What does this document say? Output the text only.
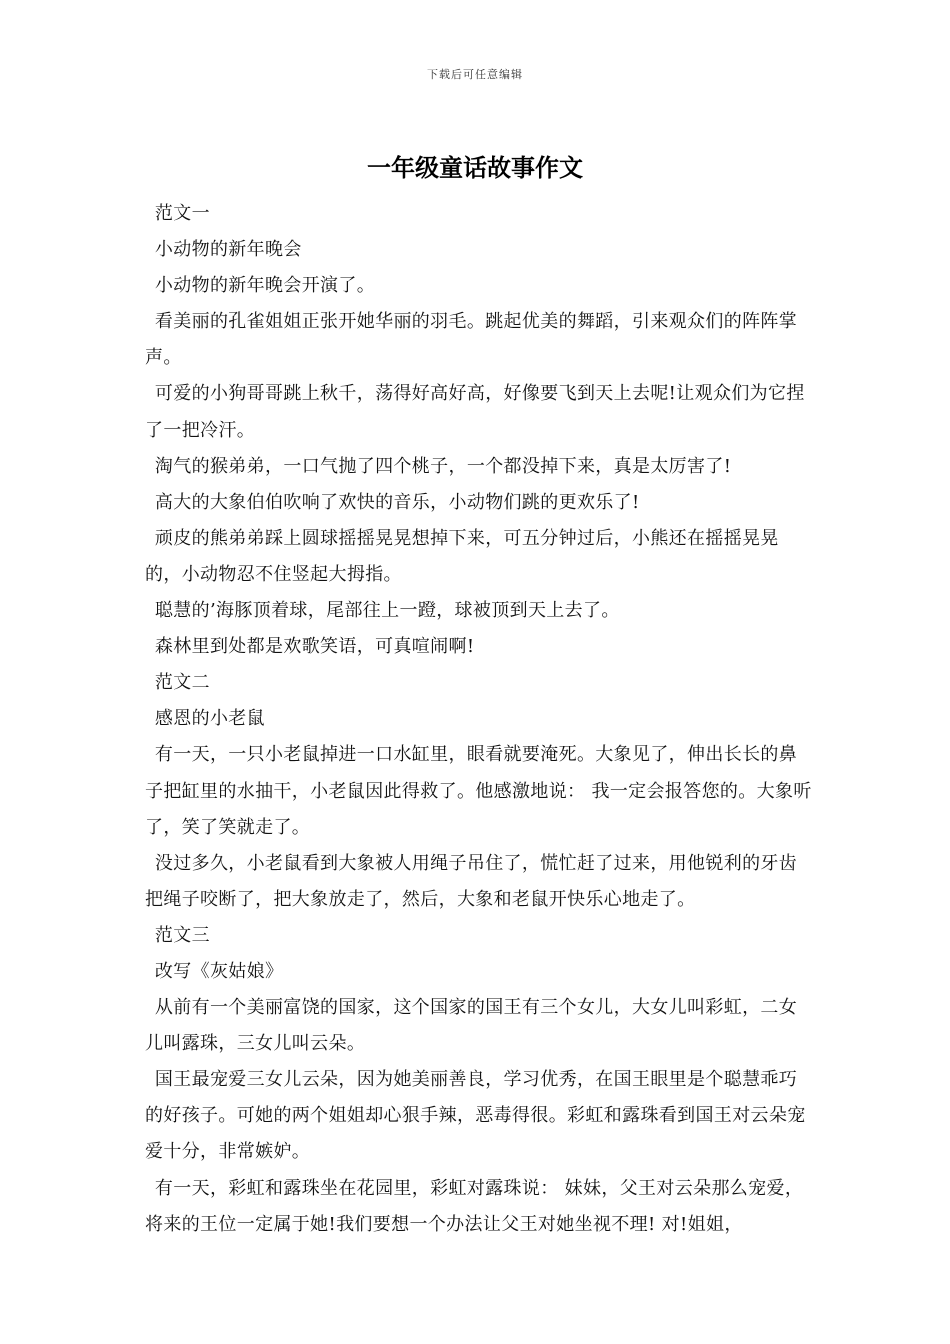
下载后可任意编辑
一年级童话故事作文

范文一

小动物的新年晚会

小动物的新年晚会开演了。

看美丽的孔雀姐姐正张开她华丽的羽毛。跳起优美的舞蹈，引来观众们的阵阵掌声。

可爱的小狗哥哥跳上秋千，荡得好高好高，好像要飞到天上去呢!让观众们为它捏了一把冷汗。

淘气的猴弟弟，一口气抛了四个桃子，一个都没掉下来，真是太厉害了!

高大的大象伯伯吹响了欢快的音乐，小动物们跳的更欢乐了!

顽皮的熊弟弟踩上圆球摇摇晃晃想掉下来，可五分钟过后，小熊还在摇摇晃晃的，小动物忍不住竖起大拇指。

聪慧的’海豚顶着球，尾部往上一蹬，球被顶到天上去了。

森林里到处都是欢歌笑语，可真喧闹啊!

范文二

感恩的小老鼠

有一天，一只小老鼠掉进一口水缸里，眼看就要淹死。大象见了，伸出长长的鼻子把缸里的水抽干，小老鼠因此得救了。他感激地说： 我一定会报答您的。大象听了，笑了笑就走了。

没过多久，小老鼠看到大象被人用绳子吊住了，慌忙赶了过来，用他锐利的牙齿把绳子咬断了，把大象放走了，然后，大象和老鼠开快乐心地走了。

范文三

改写《灰姑娘》

从前有一个美丽富饶的国家，这个国家的国王有三个女儿，大女儿叫彩虹，二女儿叫露珠，三女儿叫云朵。

国王最宠爱三女儿云朵，因为她美丽善良，学习优秀，在国王眼里是个聪慧乖巧的好孩子。可她的两个姐姐却心狠手辣，恶毒得很。彩虹和露珠看到国王对云朵宠爱十分，非常嫉妒。

有一天，彩虹和露珠坐在花园里，彩虹对露珠说： 妹妹，父王对云朵那么宠爱，将来的王位一定属于她!我们要想一个办法让父王对她坐视不理! 对!姐姐，
